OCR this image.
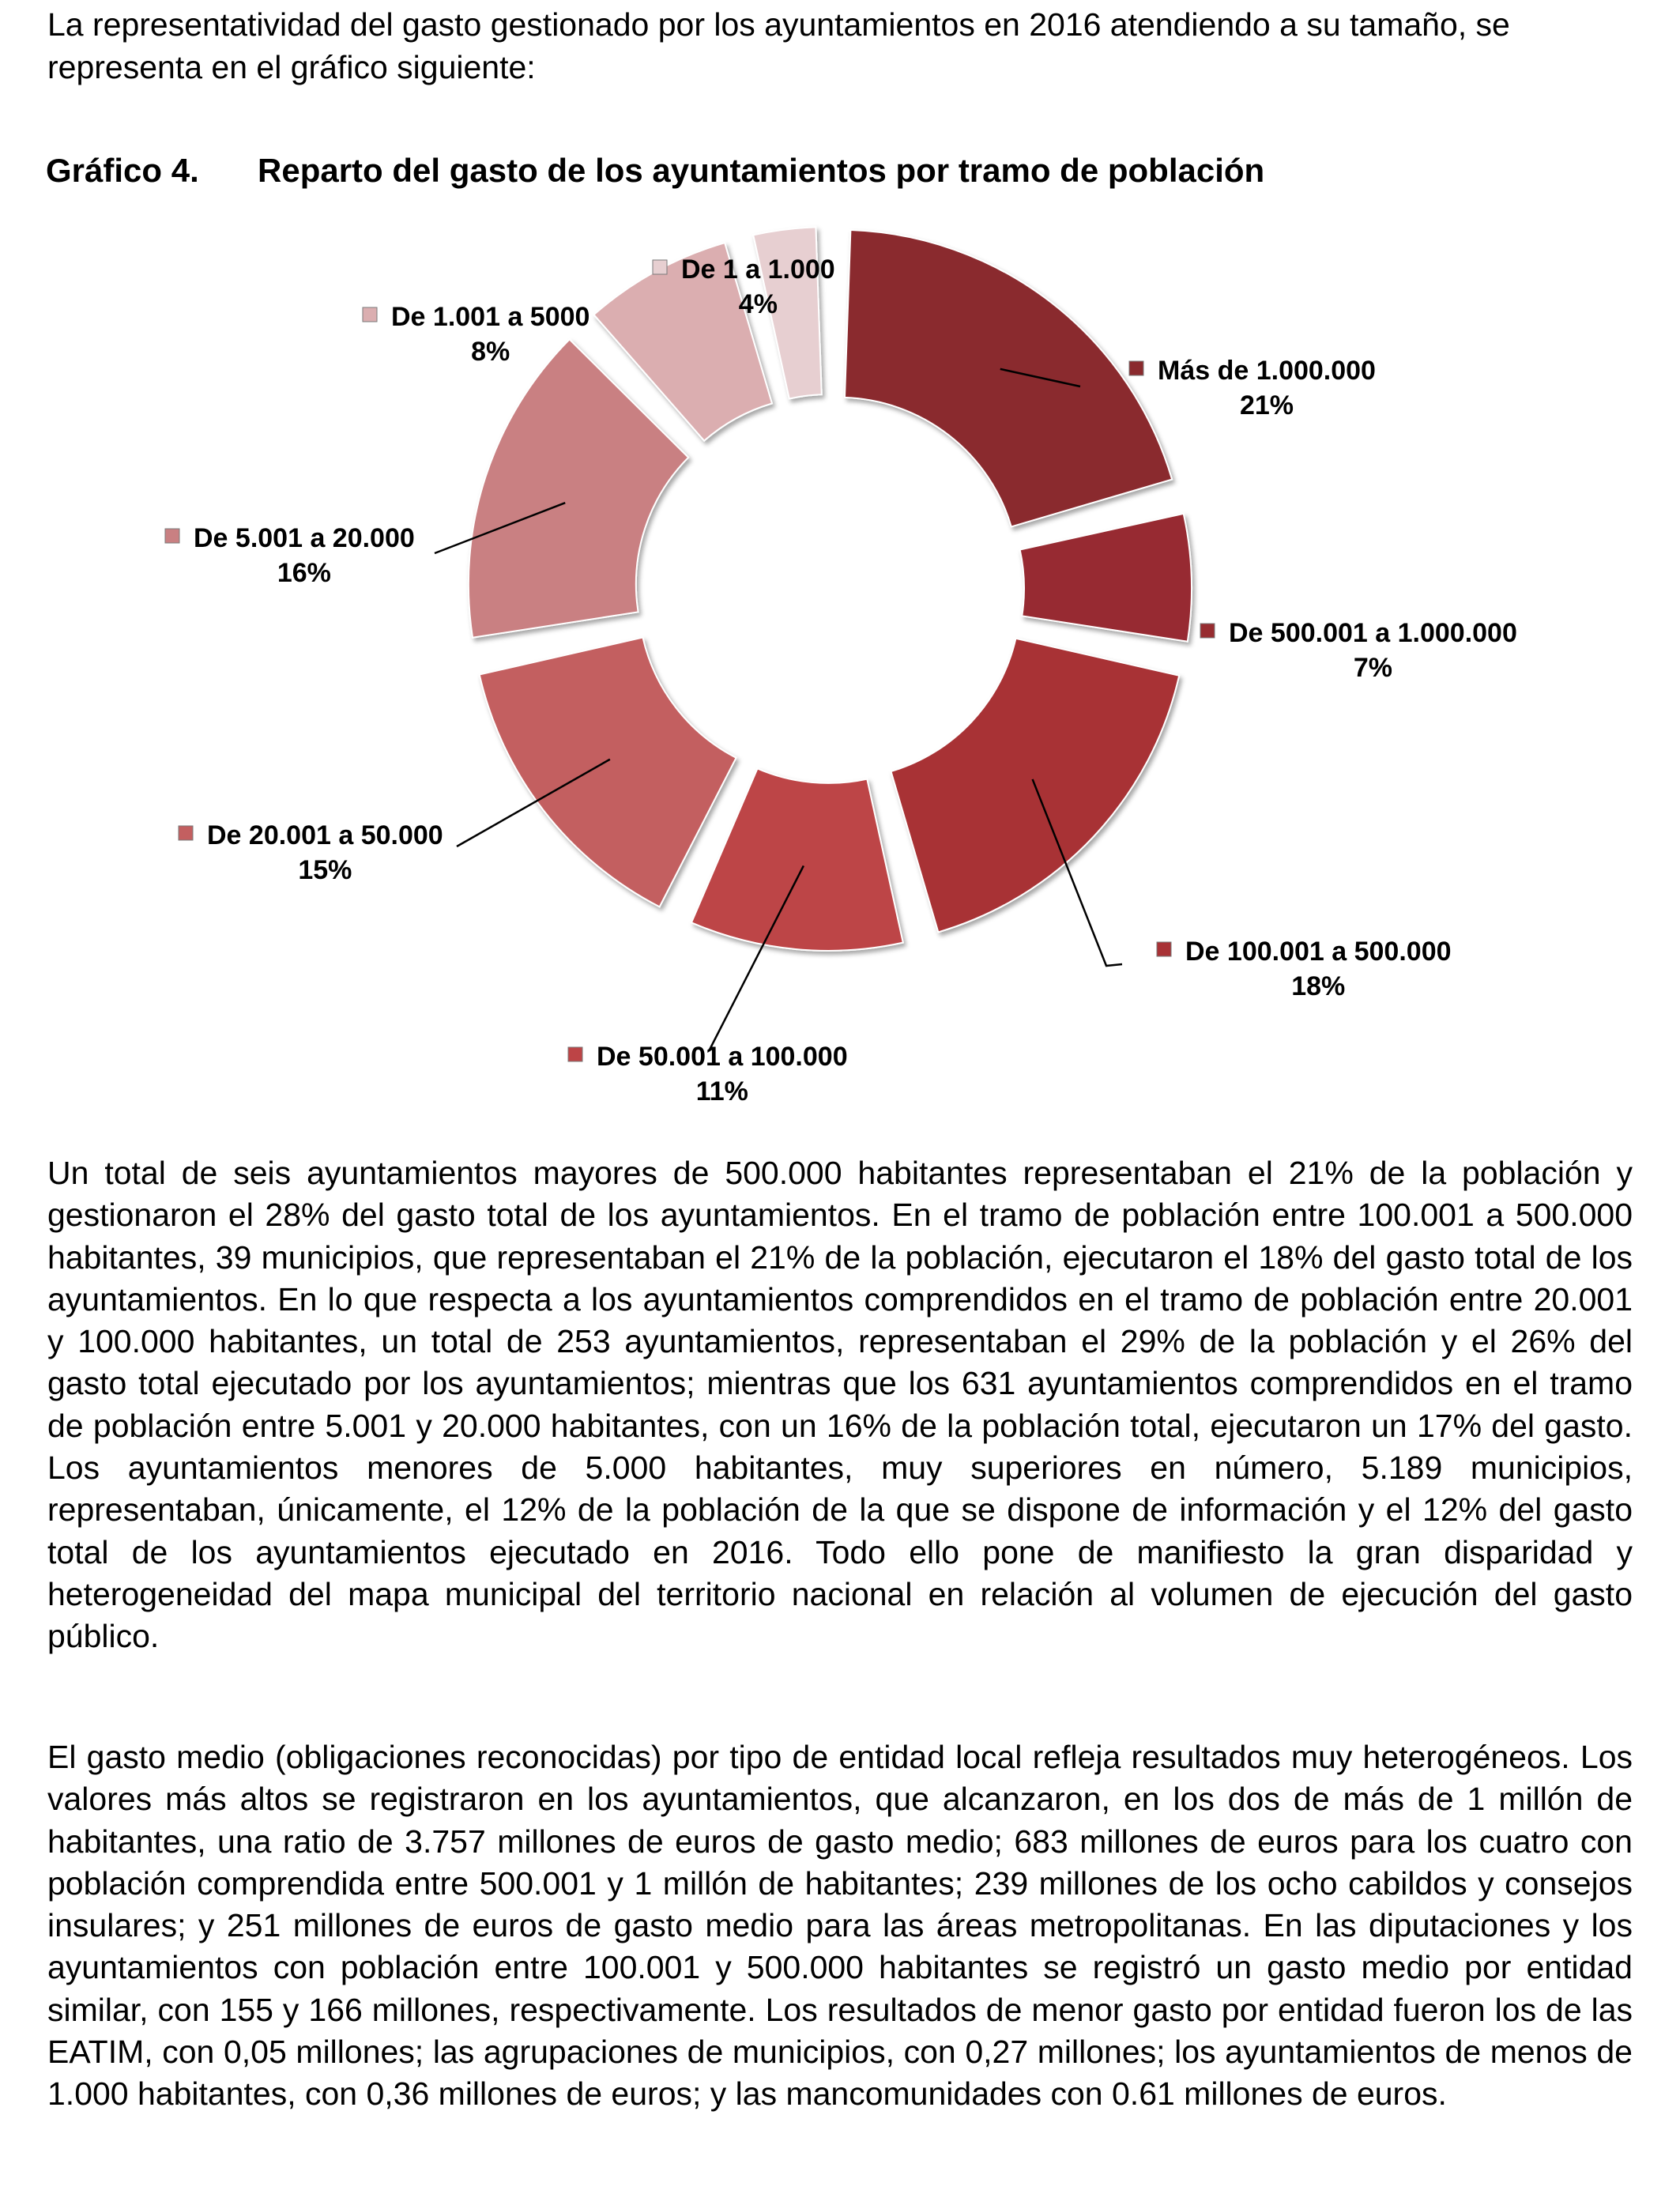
La representatividad del gasto gestionado por los ayuntamientos en 2016 atendiendo a su tamaño, se representa en el gráfico siguiente:

Gráfico 4. Reparto del gasto de los ayuntamientos por tramo de población
Más de 1.000.000
21%
De 500.001 a 1.000.000
7%
De 100.001 a 500.000
18%
De 50.001 a 100.000
11%
De 20.001 a 50.000
15%
De 5.001 a 20.000
16%
De 1.001 a 5000
8%
De 1 a 1.000
4%

Un total de seis ayuntamientos mayores de 500.000 habitantes representaban el 21% de la población y gestionaron el 28% del gasto total de los ayuntamientos. En el tramo de población entre 100.001 a 500.000 habitantes, 39 municipios, que representaban el 21% de la población, ejecutaron el 18% del gasto total de los ayuntamientos. En lo que respecta a los ayuntamientos comprendidos en el tramo de población entre 20.001 y 100.000 habitantes, un total de 253 ayuntamientos, representaban el 29% de la población y el 26% del gasto total ejecutado por los ayuntamientos; mientras que los 631 ayuntamientos comprendidos en el tramo de población entre 5.001 y 20.000 habitantes, con un 16% de la población total, ejecutaron un 17% del gasto. Los ayuntamientos menores de 5.000 habitantes, muy superiores en número, 5.189 municipios, representaban, únicamente, el 12% de la población de la que se dispone de información y el 12% del gasto total de los ayuntamientos ejecutado en 2016. Todo ello pone de manifiesto la gran disparidad y heterogeneidad del mapa municipal del territorio nacional en relación al volumen de ejecución del gasto público.

El gasto medio (obligaciones reconocidas) por tipo de entidad local refleja resultados muy heterogéneos. Los valores más altos se registraron en los ayuntamientos, que alcanzaron, en los dos de más de 1 millón de habitantes, una ratio de 3.757 millones de euros de gasto medio; 683 millones de euros para los cuatro con población comprendida entre 500.001 y 1 millón de habitantes; 239 millones de los ocho cabildos y consejos insulares; y 251 millones de euros de gasto medio para las áreas metropolitanas. En las diputaciones y los ayuntamientos con población entre 100.001 y 500.000 habitantes se registró un gasto medio por entidad similar, con 155 y 166 millones, respectivamente. Los resultados de menor gasto por entidad fueron los de las EATIM, con 0,05 millones; las agrupaciones de municipios, con 0,27 millones; los ayuntamientos de menos de 1.000 habitantes, con 0,36 millones de euros; y las mancomunidades con 0.61 millones de euros.
